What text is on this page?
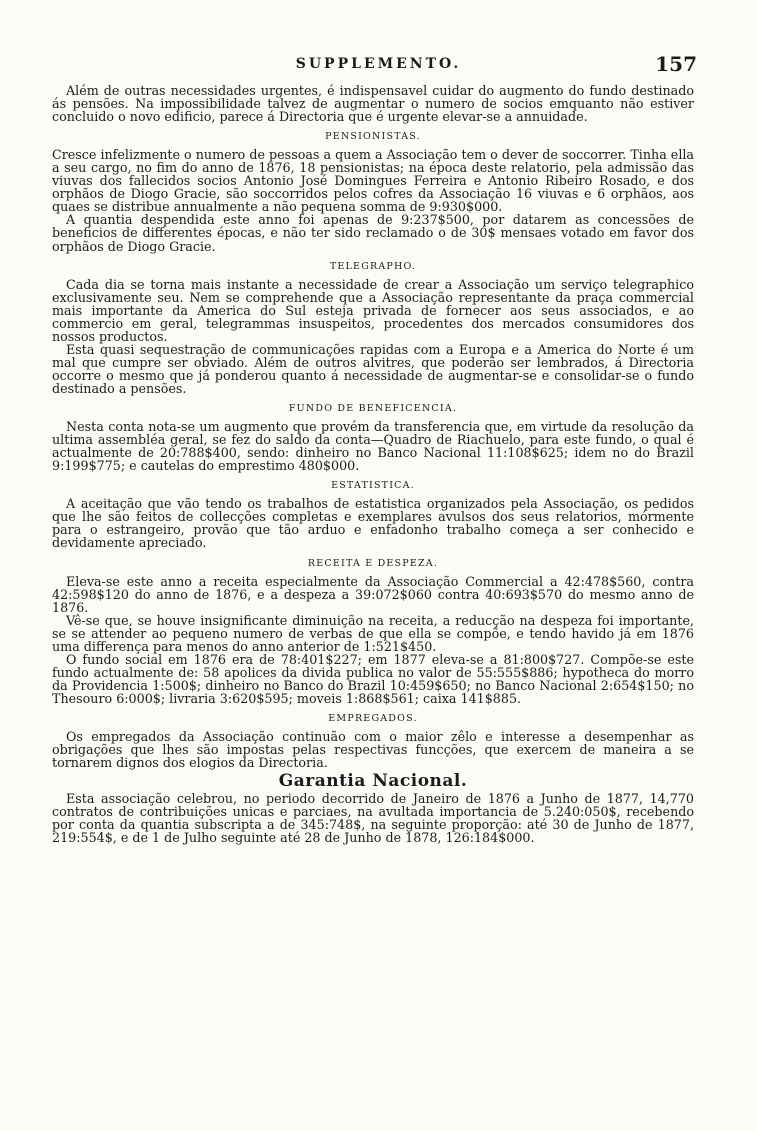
SUPPLEMENTO.	157

Além de outras necessidades urgentes, é indispensavel cuidar do augmento do fundo destinado ás pensões. Na impossibilidade talvez de augmentar o numero de socios emquanto não estiver concluido o novo edificio, parece á Directoria que é urgente elevar-se a annuidade.

PENSIONISTAS.

Cresce infelizmente o numero de pessoas a quem a Associação tem o dever de soccorrer. Tinha ella a seu cargo, no fim do anno de 1876, 18 pensionistas; na época deste relatorio, pela admissão das viuvas dos fallecidos socios Antonio José Domingues Ferreira e Antonio Ribeiro Rosado, e dos orphãos de Diogo Gracie, são soccorridos pelos cofres da Associação 16 viuvas e 6 orphãos, aos quaes se distribue annualmente a não pequena somma de 9:930$000.

A quantia despendida este anno foi apenas de 9:237$500, por datarem as concessões de beneficios de differentes épocas, e não ter sido reclamado o de 30$ mensaes votado em favor dos orphãos de Diogo Gracie.

TELEGRAPHO.

Cada dia se torna mais instante a necessidade de crear a Associação um serviço telegraphico exclusivamente seu. Nem se comprehende que a Associação representante da praça commercial mais importante da America do Sul esteja privada de fornecer aos seus associados, e ao commercio em geral, telegrammas insuspeitos, procedentes dos mercados consumidores dos nossos productos.

Esta quasi sequestração de communicações rapidas com a Europa e a America do Norte é um mal que cumpre ser obviado. Além de outros alvitres, que poderão ser lembrados, á Directoria occorre o mesmo que já ponderou quanto á necessidade de augmentar-se e consolidar-se o fundo destinado a pensões.

FUNDO DE BENEFICENCIA.

Nesta conta nota-se um augmento que provém da transferencia que, em virtude da resolução da ultima assembléa geral, se fez do saldo da conta—Quadro de Riachuelo, para este fundo, o qual é actualmente de 20:788$400, sendo: dinheiro no Banco Nacional 11:108$625; idem no do Brazil 9:199$775; e cautelas do emprestimo 480$000.

ESTATISTICA.

A aceitação que vão tendo os trabalhos de estatistica organizados pela Associação, os pedidos que lhe são feitos de collecções completas e exemplares avulsos dos seus relatorios, mórmente para o estrangeiro, provão que tão arduo e enfadonho trabalho começa a ser conhecido e devidamente apreciado.

RECEITA E DESPEZA.

Eleva-se este anno a receita especialmente da Associação Commercial a 42:478$560, contra 42:598$120 do anno de 1876, e a despeza a 39:072$060 contra 40:693$570 do mesmo anno de 1876.

Vê-se que, se houve insignificante diminuição na receita, a reducção na despeza foi importante, se se attender ao pequeno numero de verbas de que ella se compõe, e tendo havido já em 1876 uma differença para menos do anno anterior de 1:521$450.

O fundo social em 1876 era de 78:401$227; em 1877 eleva-se a 81:800$727. Compõe-se este fundo actualmente de: 58 apolices da divida publica no valor de 55:555$886; hypotheca do morro da Providencia 1:500$; dinheiro no Banco do Brazil 10:459$650; no Banco Nacional 2:654$150; no Thesouro 6:000$; livraria 3:620$595; moveis 1:868$561; caixa 141$885.

EMPREGADOS.

Os empregados da Associação continuão com o maior zêlo e interesse a desempenhar as obrigações que lhes são impostas pelas respectivas funcções, que exercem de maneira a se tornarem dignos dos elogios da Directoria.

Garantia Nacional.

Esta associação celebrou, no periodo decorrido de Janeiro de 1876 a Junho de 1877, 14,770 contratos de contribuições unicas e parciaes, na avultada importancia de 5.240:050$, recebendo por conta da quantia subscripta a de 345:748$, na seguinte proporção: até 30 de Junho de 1877, 219:554$, e de 1 de Julho seguinte até 28 de Junho de 1878, 126:184$000.
